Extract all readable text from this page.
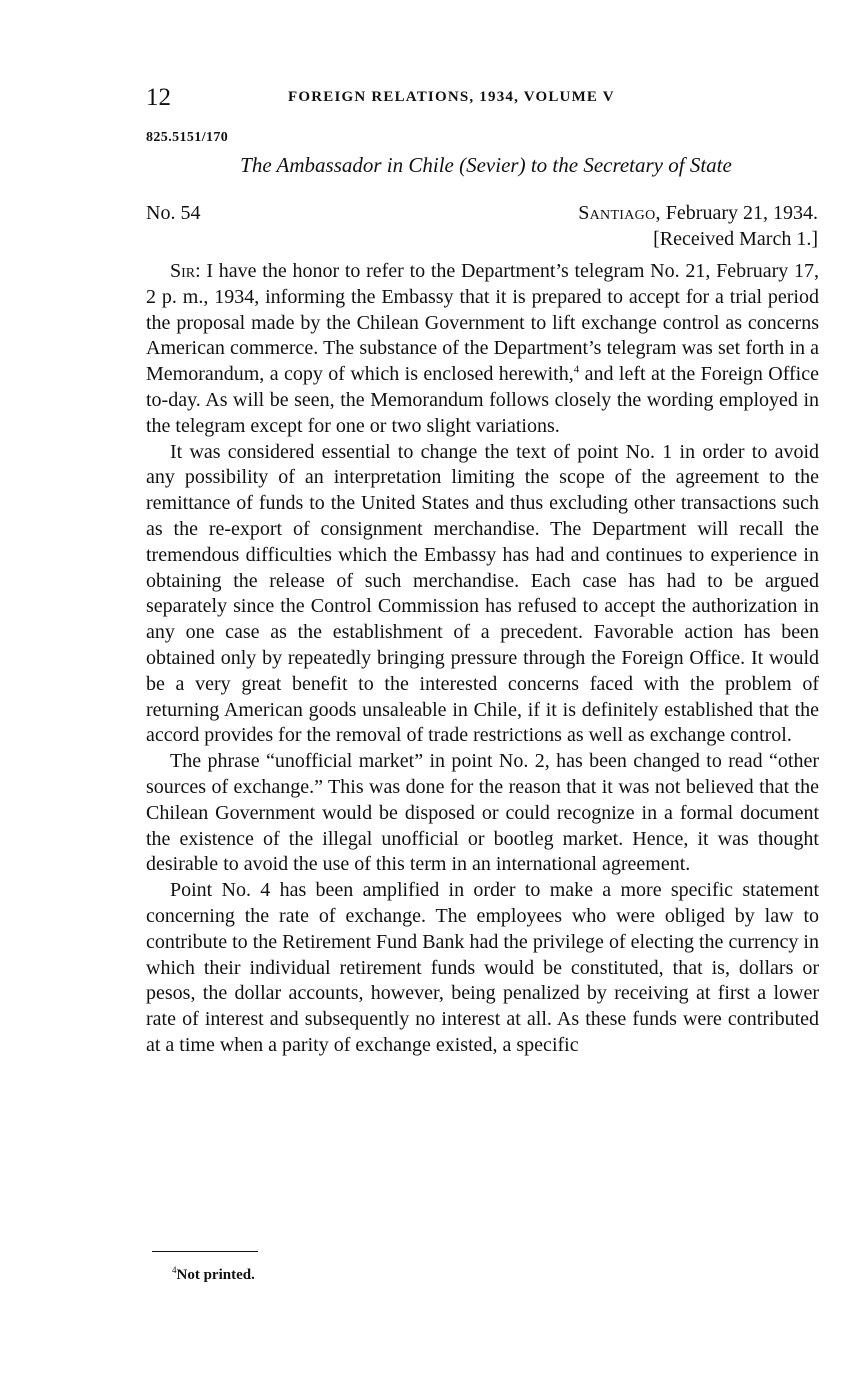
12	FOREIGN RELATIONS, 1934, VOLUME V
825.5151/170
The Ambassador in Chile (Sevier) to the Secretary of State
No. 54	Santiago, February 21, 1934.
[Received March 1.]

Sir: I have the honor to refer to the Department’s telegram No. 21, February 17, 2 p. m., 1934, informing the Embassy that it is prepared to accept for a trial period the proposal made by the Chilean Government to lift exchange control as concerns American commerce. The substance of the Department’s telegram was set forth in a Memorandum, a copy of which is enclosed herewith,$^4$ and left at the Foreign Office to-day. As will be seen, the Memorandum follows closely the wording employed in the telegram except for one or two slight variations.

It was considered essential to change the text of point No. 1 in order to avoid any possibility of an interpretation limiting the scope of the agreement to the remittance of funds to the United States and thus excluding other transactions such as the re-export of consignment merchandise. The Department will recall the tremendous difficulties which the Embassy has had and continues to experience in obtaining the release of such merchandise. Each case has had to be argued separately since the Control Commission has refused to accept the authorization in any one case as the establishment of a precedent. Favorable action has been obtained only by repeatedly bringing pressure through the Foreign Office. It would be a very great benefit to the interested concerns faced with the problem of returning American goods unsaleable in Chile, if it is definitely established that the accord provides for the removal of trade restrictions as well as exchange control.

The phrase “unofficial market” in point No. 2, has been changed to read “other sources of exchange.” This was done for the reason that it was not believed that the Chilean Government would be disposed or could recognize in a formal document the existence of the illegal unofficial or bootleg market. Hence, it was thought desirable to avoid the use of this term in an international agreement.

Point No. 4 has been amplified in order to make a more specific statement concerning the rate of exchange. The employees who were obliged by law to contribute to the Retirement Fund Bank had the privilege of electing the currency in which their individual retirement funds would be constituted, that is, dollars or pesos, the dollar accounts, however, being penalized by receiving at first a lower rate of interest and subsequently no interest at all. As these funds were contributed at a time when a parity of exchange existed, a specific

$^4$Not printed.
